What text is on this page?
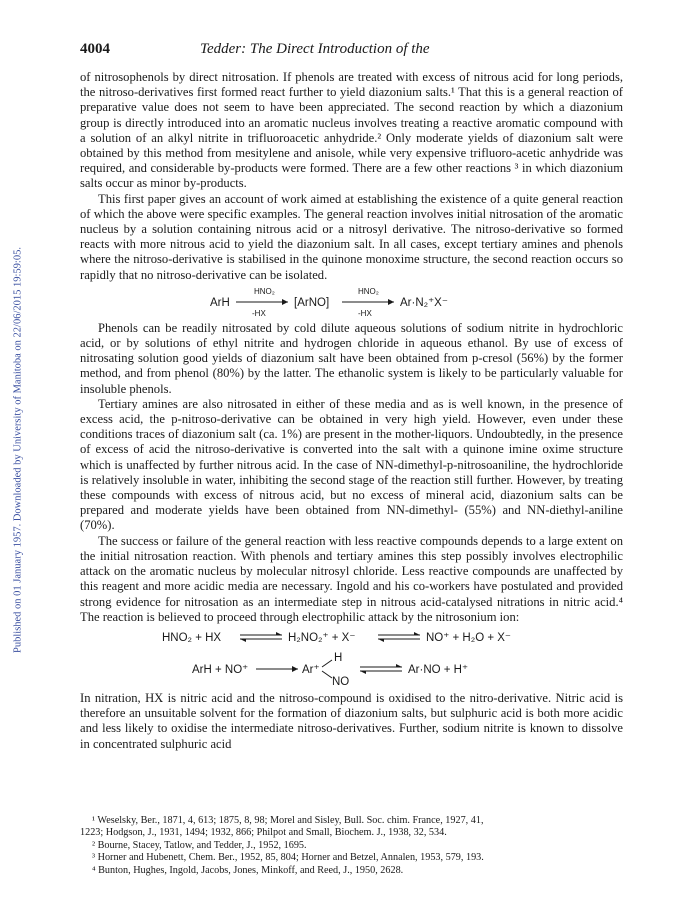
Published on 01 January 1957. Downloaded by University of Manitoba on 22/06/2015 19:59:05.
4004	Tedder: The Direct Introduction of the

of nitrosophenols by direct nitrosation. If phenols are treated with excess of nitrous acid for long periods, the nitroso-derivatives first formed react further to yield diazonium salts.¹ That this is a general reaction of preparative value does not seem to have been appreciated. The second reaction by which a diazonium group is directly introduced into an aromatic nucleus involves treating a reactive aromatic compound with a solution of an alkyl nitrite in trifluoroacetic anhydride.² Only moderate yields of diazonium salt were obtained by this method from mesitylene and anisole, while very expensive trifluoro-acetic anhydride was required, and considerable by-products were formed. There are a few other reactions ³ in which diazonium salts occur as minor by-products.

This first paper gives an account of work aimed at establishing the existence of a quite general reaction of which the above were specific examples. The general reaction involves initial nitrosation of the aromatic nucleus by a solution containing nitrous acid or a nitrosyl derivative. The nitroso-derivative so formed reacts with more nitrous acid to yield the diazonium salt. In all cases, except tertiary amines and phenols where the nitroso-derivative is stabilised in the quinone monoxime structure, the second reaction occurs so rapidly that no nitroso-derivative can be isolated.

ArH
HNO₂
-HX
[ArNO]
HNO₂
-HX
Ar·N₂⁺X⁻

Phenols can be readily nitrosated by cold dilute aqueous solutions of sodium nitrite in hydrochloric acid, or by solutions of ethyl nitrite and hydrogen chloride in aqueous ethanol. By use of excess of nitrosating solution good yields of diazonium salt have been obtained from p-cresol (56%) by the former method, and from phenol (80%) by the latter. The ethanolic system is likely to be particularly valuable for insoluble phenols.

Tertiary amines are also nitrosated in either of these media and as is well known, in the presence of excess acid, the p-nitroso-derivative can be obtained in very high yield. However, even under these conditions traces of diazonium salt (ca. 1%) are present in the mother-liquors. Undoubtedly, in the presence of excess of acid the nitroso-derivative is converted into the salt with a quinone imine oxime structure which is unaffected by further nitrous acid. In the case of NN-dimethyl-p-nitrosoaniline, the hydrochloride is relatively insoluble in water, inhibiting the second stage of the reaction still further. However, by treating these compounds with excess of nitrous acid, but no excess of mineral acid, diazonium salts can be prepared and moderate yields have been obtained from NN-dimethyl- (55%) and NN-diethyl-aniline (70%).

The success or failure of the general reaction with less reactive compounds depends to a large extent on the initial nitrosation reaction. With phenols and tertiary amines this step possibly involves electrophilic attack on the aromatic nucleus by molecular nitrosyl chloride. Less reactive compounds are unaffected by this reagent and more acidic media are necessary. Ingold and his co-workers have postulated and provided strong evidence for nitrosation as an intermediate step in nitrous acid-catalysed nitrations in nitric acid.⁴ The reaction is believed to proceed through electrophilic attack by the nitrosonium ion:

HNO₂ + HX	H₂NO₂⁺ + X⁻	NO⁺ + H₂O + X⁻
ArH + NO⁺	Ar⁺
H
NO
Ar·NO + H⁺

In nitration, HX is nitric acid and the nitroso-compound is oxidised to the nitro-derivative. Nitric acid is therefore an unsuitable solvent for the formation of diazonium salts, but sulphuric acid is both more acidic and less likely to oxidise the intermediate nitroso-derivatives. Further, sodium nitrite is known to dissolve in concentrated sulphuric acid

¹ Weselsky, Ber., 1871, 4, 613; 1875, 8, 98; Morel and Sisley, Bull. Soc. chim. France, 1927, 41,

1223; Hodgson, J., 1931, 1494; 1932, 866; Philpot and Small, Biochem. J., 1938, 32, 534.

² Bourne, Stacey, Tatlow, and Tedder, J., 1952, 1695.

³ Horner and Hubenett, Chem. Ber., 1952, 85, 804; Horner and Betzel, Annalen, 1953, 579, 193.

⁴ Bunton, Hughes, Ingold, Jacobs, Jones, Minkoff, and Reed, J., 1950, 2628.
